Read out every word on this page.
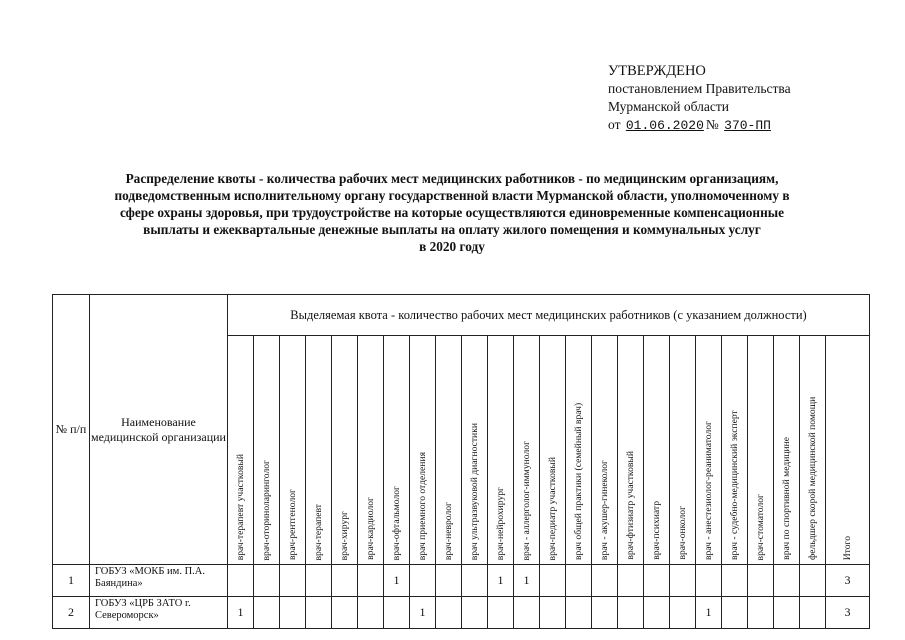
УТВЕРЖДЕНО
постановлением Правительства
Мурманской области
от 01.06.2020 № 370-ПП
Распределение квоты - количества рабочих мест медицинских работников - по медицинским организациям,
подведомственным исполнительному органу государственной власти Мурманской области, уполномоченному в
сфере охраны здоровья, при трудоустройстве на которые осуществляются единовременные компенсационные
выплаты и ежеквартальные денежные выплаты на оплату жилого помещения и коммунальных услуг
в 2020 году
№ п/п	Наименование медицинской организации	Выделяемая квота - количество рабочих мест медицинских работников (с указанием должности)																							

		врач-терапевт участковый	врач-оториноларинголог	врач-рентгенолог	врач-терапевт	врач-хирург	врач-кардиолог	врач-офтальмолог	врач приемного отделения	врач-невролог	врач ультразвуковой диагностики	врач-нейрохирург	врач - аллерголог-иммунолог	врач-педиатр участковый	врач общей практики (семейный врач)	врач - акушер-гинеколог	врач-фтизиатр участковый	врач-психиатр	врач-онколог	врач - анестезиолог-реаниматолог	врач - судебно-медицинский эксперт	врач-стоматолог	врач по спортивной медицине	фельдшер скорой медицинской помощи	Итого

1	ГОБУЗ «МОКБ им. П.А. Баяндина»							1				1	1												3
2	ГОБУЗ «ЦРБ ЗАТО г. Североморск»	1							1											1					3
